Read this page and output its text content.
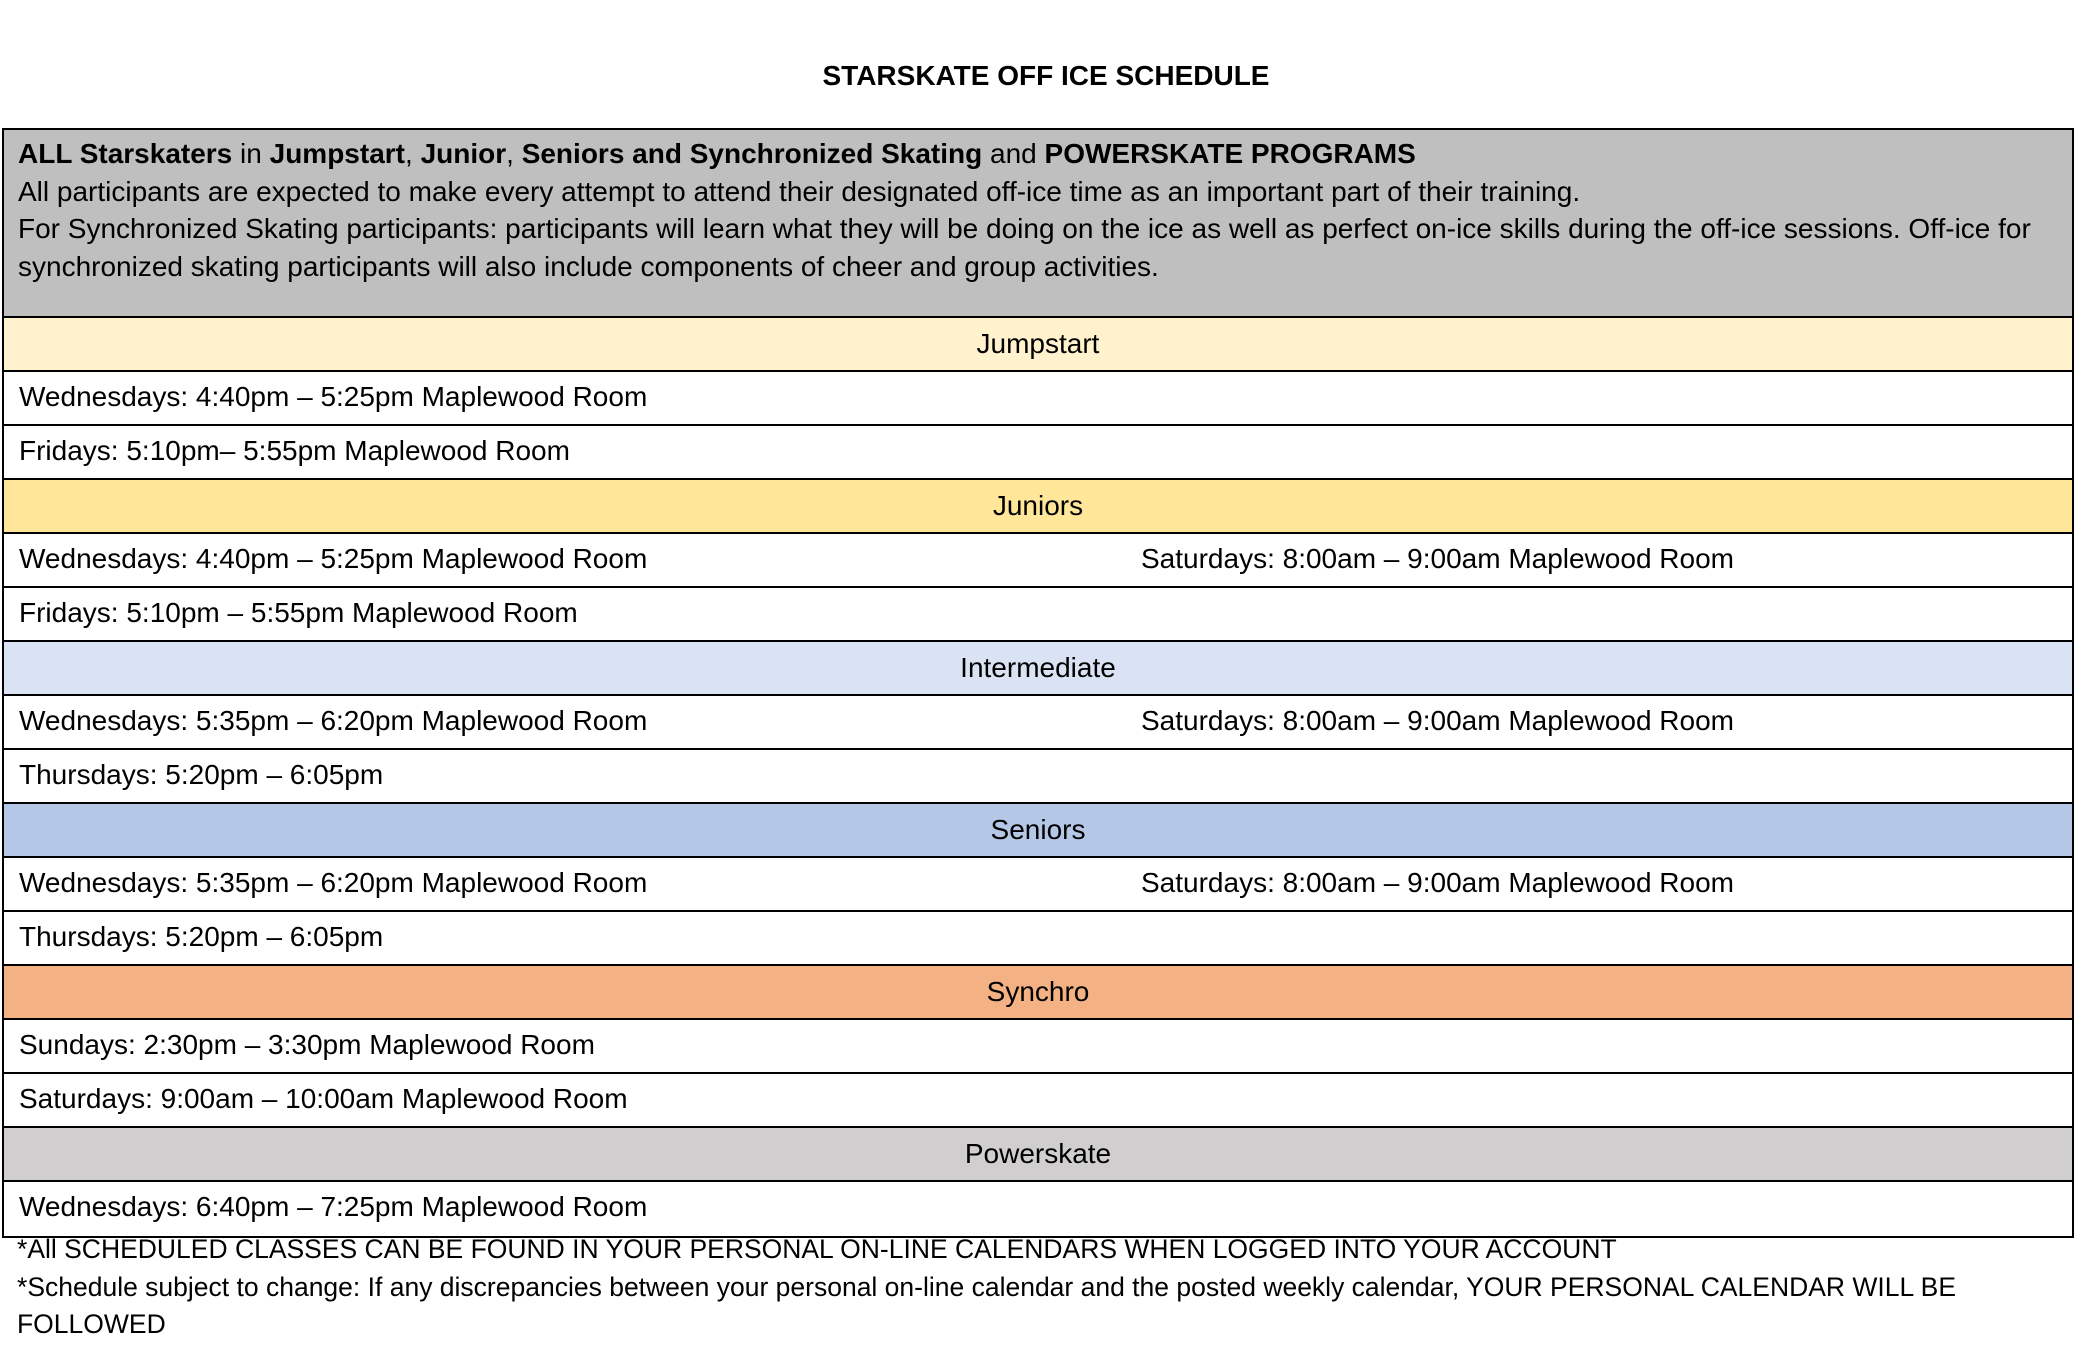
STARSKATE OFF ICE SCHEDULE

ALL Starskaters in Jumpstart, Junior, Seniors and Synchronized Skating and POWERSKATE PROGRAMS

All participants are expected to make every attempt to attend their designated off-ice time as an important part of their training.

For Synchronized Skating participants: participants will learn what they will be doing on the ice as well as perfect on-ice skills during the off-ice sessions. Off-ice for synchronized skating participants will also include components of cheer and group activities.

Jumpstart
Wednesdays: 4:40pm – 5:25pm Maplewood Room
Fridays: 5:10pm– 5:55pm Maplewood Room
Juniors
Wednesdays: 4:40pm – 5:25pm Maplewood Room	Saturdays: 8:00am – 9:00am Maplewood Room
Fridays: 5:10pm – 5:55pm Maplewood Room
Intermediate
Wednesdays: 5:35pm – 6:20pm Maplewood Room	Saturdays: 8:00am – 9:00am Maplewood Room
Thursdays: 5:20pm – 6:05pm
Seniors
Wednesdays: 5:35pm – 6:20pm Maplewood Room	Saturdays: 8:00am – 9:00am Maplewood Room
Thursdays: 5:20pm – 6:05pm
Synchro
Sundays: 2:30pm – 3:30pm Maplewood Room
Saturdays: 9:00am – 10:00am Maplewood Room
Powerskate
Wednesdays: 6:40pm – 7:25pm Maplewood Room

*All SCHEDULED CLASSES CAN BE FOUND IN YOUR PERSONAL ON-LINE CALENDARS WHEN LOGGED INTO YOUR ACCOUNT

*Schedule subject to change: If any discrepancies between your personal on-line calendar and the posted weekly calendar, YOUR PERSONAL CALENDAR WILL BE FOLLOWED
